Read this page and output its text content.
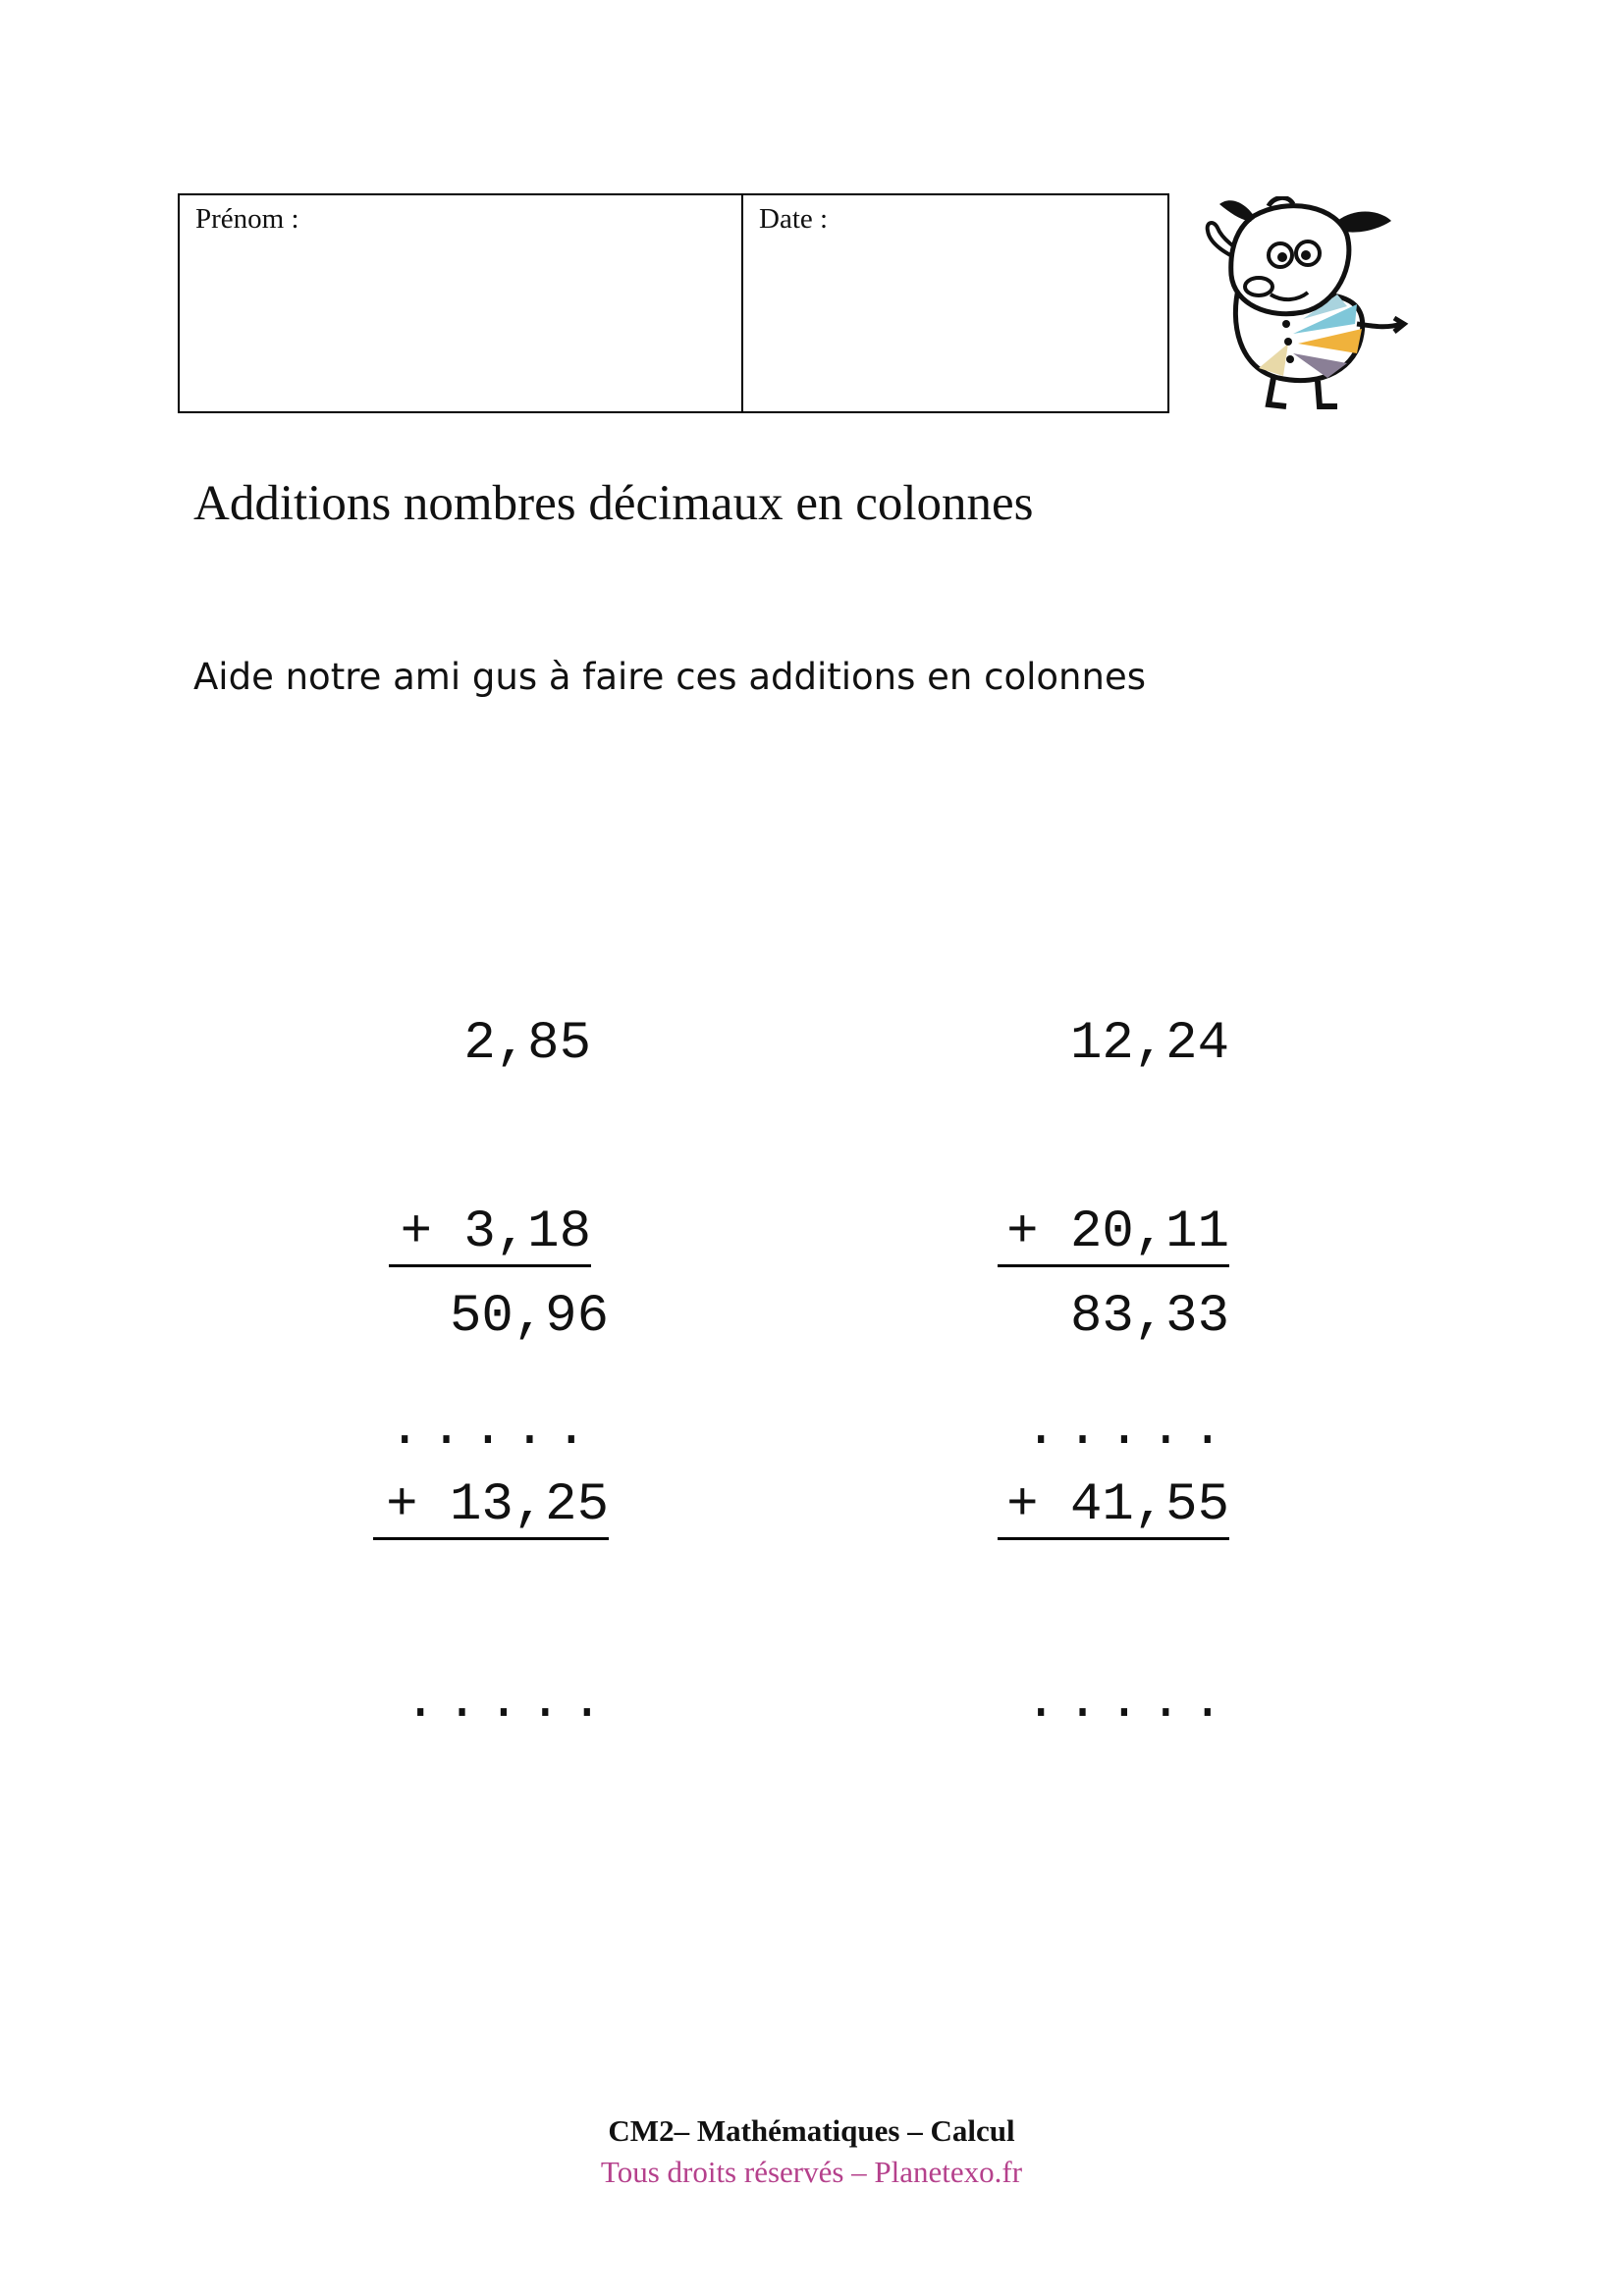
Prénom :	Date :
Additions nombres décimaux en colonnes
Aide notre ami gus à faire ces additions en colonnes

2,85

+ 3,18

.....

12,24

+ 20,11

.....

50,96

+ 13,25

.....

83,33

+ 41,55

.....

CM2– Mathématiques – Calcul
Tous droits réservés – Planetexo.fr
